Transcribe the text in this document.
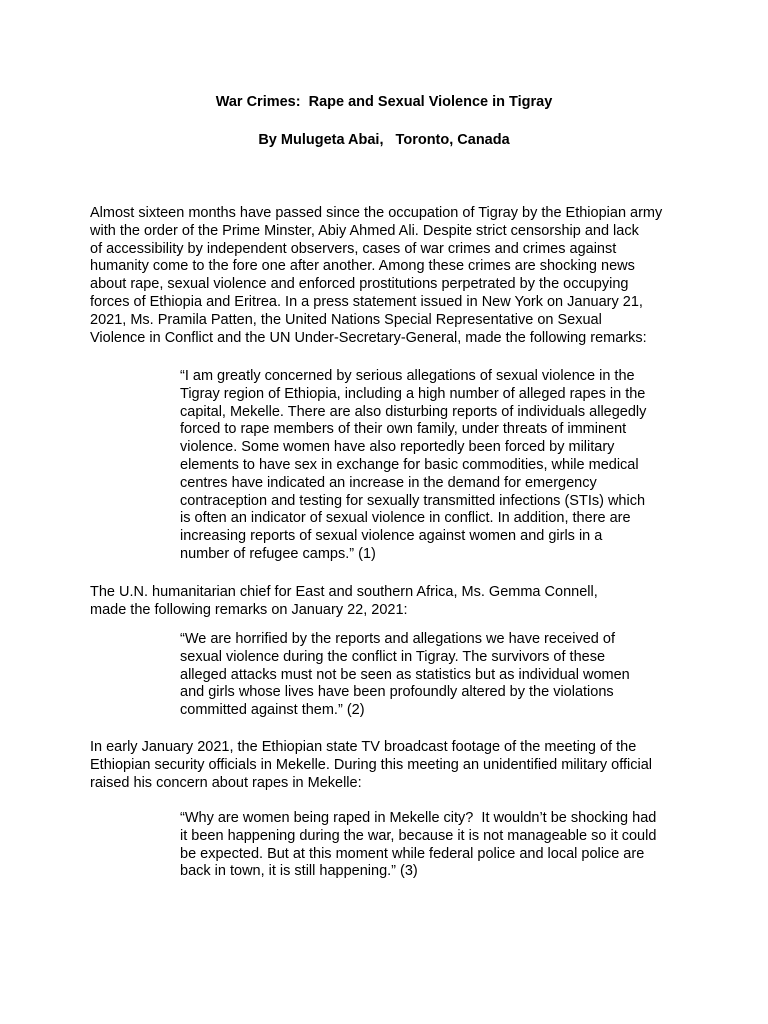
War Crimes:  Rape and Sexual Violence in Tigray
By Mulugeta Abai,   Toronto, Canada

Almost sixteen months have passed since the occupation of Tigray by the Ethiopian army
with the order of the Prime Minster, Abiy Ahmed Ali. Despite strict censorship and lack
of accessibility by independent observers, cases of war crimes and crimes against
humanity come to the fore one after another. Among these crimes are shocking news
about rape, sexual violence and enforced prostitutions perpetrated by the occupying
forces of Ethiopia and Eritrea. In a press statement issued in New York on January 21,
2021, Ms. Pramila Patten, the United Nations Special Representative on Sexual
Violence in Conflict and the UN Under-Secretary-General, made the following remarks:

“I am greatly concerned by serious allegations of sexual violence in the
Tigray region of Ethiopia, including a high number of alleged rapes in the
capital, Mekelle. There are also disturbing reports of individuals allegedly
forced to rape members of their own family, under threats of imminent
violence. Some women have also reportedly been forced by military
elements to have sex in exchange for basic commodities, while medical
centres have indicated an increase in the demand for emergency
contraception and testing for sexually transmitted infections (STIs) which
is often an indicator of sexual violence in conflict. In addition, there are
increasing reports of sexual violence against women and girls in a
number of refugee camps.” (1)

The U.N. humanitarian chief for East and southern Africa, Ms. Gemma Connell,
made the following remarks on January 22, 2021:

“We are horrified by the reports and allegations we have received of
sexual violence during the conflict in Tigray. The survivors of these
alleged attacks must not be seen as statistics but as individual women
and girls whose lives have been profoundly altered by the violations
committed against them.” (2)

In early January 2021, the Ethiopian state TV broadcast footage of the meeting of the
Ethiopian security officials in Mekelle. During this meeting an unidentified military official
raised his concern about rapes in Mekelle:

“Why are women being raped in Mekelle city?  It wouldn’t be shocking had
it been happening during the war, because it is not manageable so it could
be expected. But at this moment while federal police and local police are
back in town, it is still happening.” (3)
